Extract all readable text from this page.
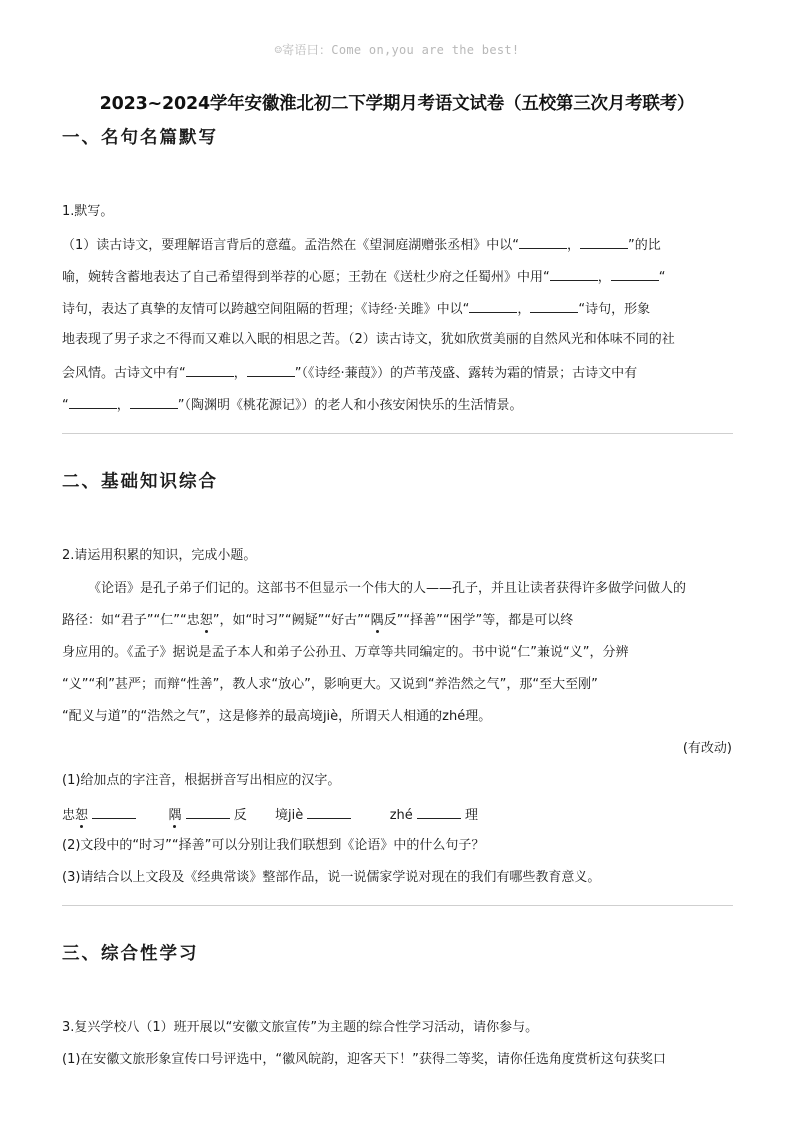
☺寄语曰：Come on,you are the best!
2023~2024学年安徽淮北初二下学期月考语文试卷（五校第三次月考联考）
一、名句名篇默写
1.默写。
（1）读古诗文，要理解语言背后的意蕴。孟浩然在《望洞庭湖赠张丞相》中以“	，	”的比
喻，婉转含蓄地表达了自己希望得到举荐的心愿；王勃在《送杜少府之任蜀州》中用“	，	“
诗句，表达了真挚的友情可以跨越空间阻隔的哲理；《诗经·关雎》中以“	，	“诗句，形象
地表现了男子求之不得而又难以入眠的相思之苦。（2）读古诗文，犹如欣赏美丽的自然风光和体味不同的社
会风情。古诗文中有“	，	”（《诗经·蒹葭》）的芦苇茂盛、露转为霜的情景；古诗文中有
“	，	”（陶渊明《桃花源记》）的老人和小孩安闲快乐的生活情景。
二、基础知识综合
2.请运用积累的知识，完成小题。
《论语》是孔子弟子们记的。这部书不但显示一个伟大的人——孔子，并且让读者获得许多做学问做人的
路径：如“君子”“仁”“忠恕”，如“时习”“阙疑”“好古”“隅反”“择善”“困学”等，都是可以终
身应用的。《孟子》据说是孟子本人和弟子公孙丑、万章等共同编定的。书中说“仁”兼说“义”，分辨
“义”“利”甚严；而辩“性善”，教人求“放心”，影响更大。又说到“养浩然之气”，那“至大至刚”
“配义与道”的“浩然之气”，这是修养的最高境jiè，所谓天人相通的zhé理。
(有改动)
(1)给加点的字注音，根据拼音写出相应的汉字。
忠恕	隅	反 境jiè	zhé	理
(2)文段中的“时习”“择善”可以分别让我们联想到《论语》中的什么句子？
(3)请结合以上文段及《经典常谈》整部作品，说一说儒家学说对现在的我们有哪些教育意义。
三、综合性学习
3.复兴学校八（1）班开展以“安徽文旅宣传”为主题的综合性学习活动，请你参与。
(1)在安徽文旅形象宣传口号评选中，“徽风皖韵，迎客天下！”获得二等奖，请你任选角度赏析这句获奖口
